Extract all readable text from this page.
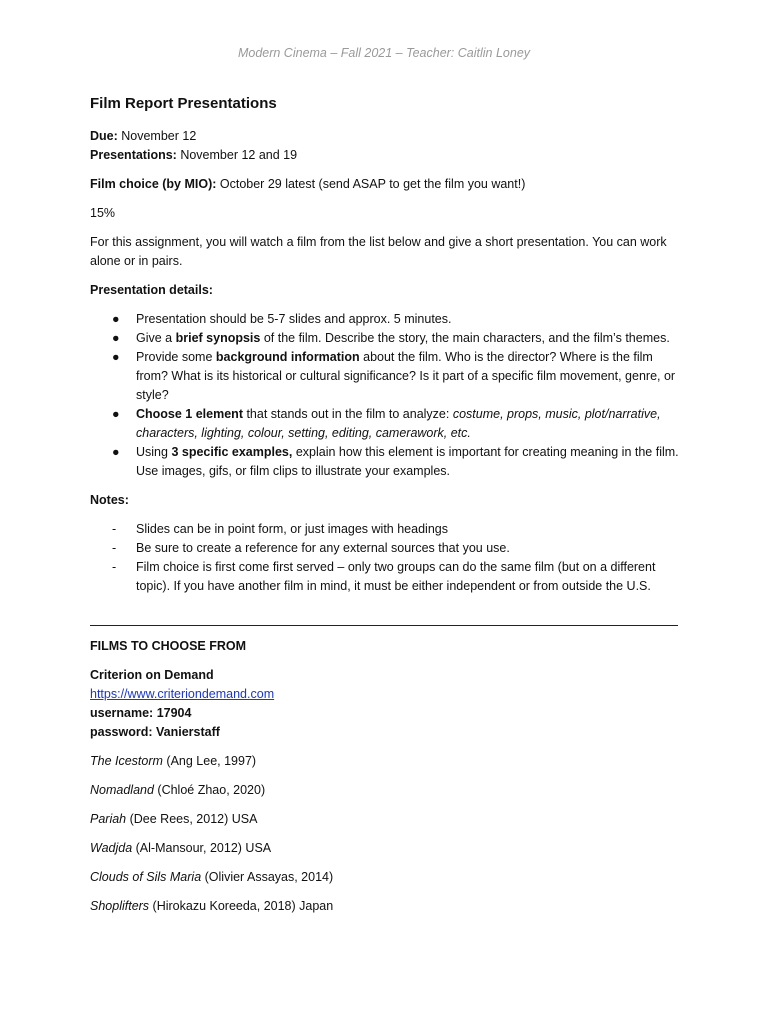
Modern Cinema – Fall 2021 – Teacher: Caitlin Loney
Film Report Presentations
Due: November 12
Presentations: November 12 and 19
Film choice (by MIO): October 29 latest (send ASAP to get the film you want!)
15%
For this assignment, you will watch a film from the list below and give a short presentation. You can work alone or in pairs.
Presentation details:
● Presentation should be 5-7 slides and approx. 5 minutes.
● Give a brief synopsis of the film. Describe the story, the main characters, and the film’s themes.
● Provide some background information about the film. Who is the director? Where is the film from? What is its historical or cultural significance? Is it part of a specific film movement, genre, or style?
● Choose 1 element that stands out in the film to analyze: costume, props, music, plot/narrative, characters, lighting, colour, setting, editing, camerawork, etc.
● Using 3 specific examples, explain how this element is important for creating meaning in the film. Use images, gifs, or film clips to illustrate your examples.
Notes:
- Slides can be in point form, or just images with headings
- Be sure to create a reference for any external sources that you use.
- Film choice is first come first served – only two groups can do the same film (but on a different topic). If you have another film in mind, it must be either independent or from outside the U.S.
FILMS TO CHOOSE FROM
Criterion on Demand
https://www.criteriondemand.com
username: 17904
password: Vanierstaff
The Icestorm (Ang Lee, 1997)
Nomadland (Chloé Zhao, 2020)
Pariah (Dee Rees, 2012) USA
Wadjda (Al-Mansour, 2012) USA
Clouds of Sils Maria (Olivier Assayas, 2014)
Shoplifters (Hirokazu Koreeda, 2018) Japan
